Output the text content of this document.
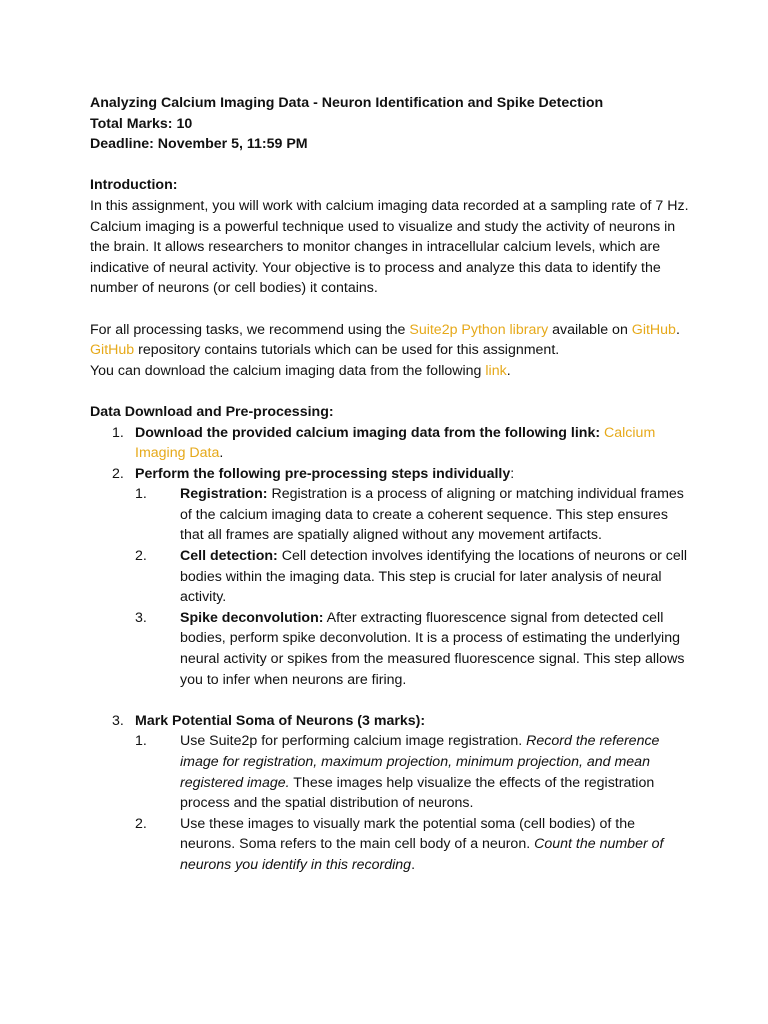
Analyzing Calcium Imaging Data - Neuron Identification and Spike Detection

Total Marks: 10

Deadline: November 5, 11:59 PM

Introduction:

In this assignment, you will work with calcium imaging data recorded at a sampling rate of 7 Hz. Calcium imaging is a powerful technique used to visualize and study the activity of neurons in the brain. It allows researchers to monitor changes in intracellular calcium levels, which are indicative of neural activity. Your objective is to process and analyze this data to identify the number of neurons (or cell bodies) it contains.

For all processing tasks, we recommend using the Suite2p Python library available on GitHub. GitHub repository contains tutorials which can be used for this assignment.

You can download the calcium imaging data from the following link.

Data Download and Pre-processing:

1. Download the provided calcium imaging data from the following link: Calcium Imaging Data.
2. Perform the following pre-processing steps individually:
1. Registration: Registration is a process of aligning or matching individual frames of the calcium imaging data to create a coherent sequence. This step ensures that all frames are spatially aligned without any movement artifacts.
2. Cell detection: Cell detection involves identifying the locations of neurons or cell bodies within the imaging data. This step is crucial for later analysis of neural activity.
3. Spike deconvolution: After extracting fluorescence signal from detected cell bodies, perform spike deconvolution. It is a process of estimating the underlying neural activity or spikes from the measured fluorescence signal. This step allows you to infer when neurons are firing.
3. Mark Potential Soma of Neurons (3 marks):
1. Use Suite2p for performing calcium image registration. Record the reference image for registration, maximum projection, minimum projection, and mean registered image. These images help visualize the effects of the registration process and the spatial distribution of neurons.
2. Use these images to visually mark the potential soma (cell bodies) of the neurons. Soma refers to the main cell body of a neuron. Count the number of neurons you identify in this recording.
